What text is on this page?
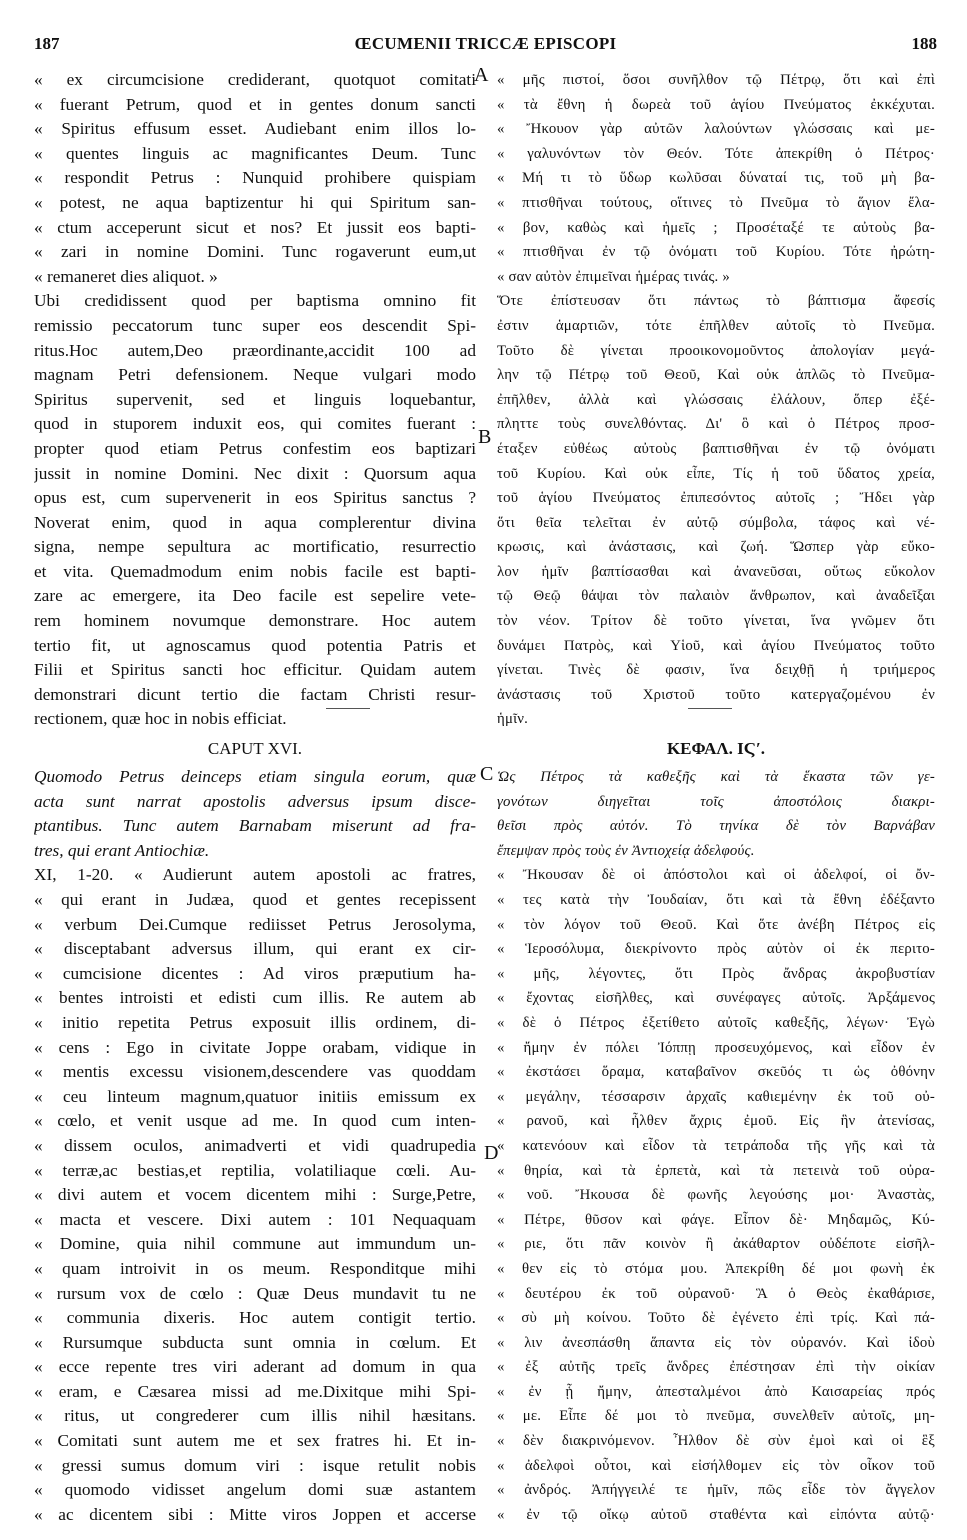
187	ŒCUMENII TRICCÆ EPISCOPI	188
« ex circumcisione crediderant, quotquot comitati
« fuerant Petrum, quod et in gentes donum sancti
« Spiritus effusum esset. Audiebant enim illos lo-
« quentes linguis ac magnificantes Deum. Tunc
« respondit Petrus : Nunquid prohibere quispiam
« potest, ne aqua baptizentur hi qui Spiritum san-
« ctum acceperunt sicut et nos? Et jussit eos bapti-
« zari in nomine Domini. Tunc rogaverunt eum,ut
« remaneret dies aliquot. »
Ubi credidissent quod per baptisma omnino fit
remissio peccatorum tunc super eos descendit Spi-
ritus.Hoc autem,Deo præordinante,accidit 100 ad
magnam Petri defensionem. Neque vulgari modo
Spiritus supervenit, sed et linguis loquebantur,
quod in stuporem induxit eos, qui comites fuerant :
propter quod etiam Petrus confestim eos baptizari
jussit in nomine Domini. Nec dixit : Quorsum aqua
opus est, cum supervenerit in eos Spiritus sanctus ?
Noverat enim, quod in aqua complerentur divina
signa, nempe sepultura ac mortificatio, resurrectio
et vita. Quemadmodum enim nobis facile est bapti-
zare ac emergere, ita Deo facile est sepelire vete-
rem hominem novumque demonstrare. Hoc autem
tertio fit, ut agnoscamus quod potentia Patris et
Filii et Spiritus sancti hoc efficitur. Quidam autem
demonstrari dicunt tertio die factam Christi resur-
rectionem, quæ hoc in nobis efficiat.
CAPUT XVI.
Quomodo Petrus deinceps etiam singula eorum, quæ
acta sunt narrat apostolis adversus ipsum disce-
ptantibus. Tunc autem Barnabam miserunt ad fra-
tres, qui erant Antiochiæ.
XI, 1-20. « Audierunt autem apostoli ac fratres,
« qui erant in Judæa, quod et gentes recepissent
« verbum Dei.Cumque rediisset Petrus Jerosolyma,
« disceptabant adversus illum, qui erant ex cir-
« cumcisione dicentes : Ad viros præputium ha-
« bentes introisti et edisti cum illis. Re autem ab
« initio repetita Petrus exposuit illis ordinem, di-
« cens : Ego in civitate Joppe orabam, vidique in
« mentis excessu visionem,descendere vas quoddam
« ceu linteum magnum,quatuor initiis emissum ex
« cœlo, et venit usque ad me. In quod cum inten-
« dissem oculos, animadverti et vidi quadrupedia
« terræ,ac bestias,et reptilia, volatiliaque cœli. Au-
« divi autem et vocem dicentem mihi : Surge,Petre,
« macta et vescere. Dixi autem : 101 Nequaquam
« Domine, quia nihil commune aut immundum un-
« quam introivit in os meum. Responditque mihi
« rursum vox de cœlo : Quæ Deus mundavit tu ne
« communia dixeris. Hoc autem contigit tertio.
« Rursumque subducta sunt omnia in cœlum. Et
« ecce repente tres viri aderant ad domum in qua
« eram, e Cæsarea missi ad me.Dixitque mihi Spi-
« ritus, ut congrederer cum illis nihil hæsitans.
« Comitati sunt autem me et sex fratres hi. Et in-
« gressi sumus domum viri : isque retulit nobis
« quomodo vidisset angelum domi suæ astantem
« ac dicentem sibi : Mitte viros Joppen et accerse
« μῆς πιστοί, ὅσοι συνῆλθον τῷ Πέτρῳ, ὅτι καὶ ἐπὶ
« τὰ ἔθνη ἡ δωρεὰ τοῦ ἁγίου Πνεύματος ἐκκέχυται.
« Ἤκουον γὰρ αὐτῶν λαλούντων γλώσσαις καὶ με-
« γαλυνόντων τὸν Θεόν. Τότε ἀπεκρίθη ὁ Πέτρος·
« Μή τι τὸ ὕδωρ κωλῦσαι δύναταί τις, τοῦ μὴ βα-
« πτισθῆναι τούτους, οἵτινες τὸ Πνεῦμα τὸ ἅγιον ἔλα-
« βον, καθὼς καὶ ἡμεῖς ; Προσέταξέ τε αὐτοὺς βα-
« πτισθῆναι ἐν τῷ ὀνόματι τοῦ Κυρίου. Τότε ἠρώτη-
« σαν αὐτὸν ἐπιμεῖναι ἡμέρας τινάς. »
Ὅτε ἐπίστευσαν ὅτι πάντως τὸ βάπτισμα ἄφεσίς
ἐστιν ἁμαρτιῶν, τότε ἐπῆλθεν αὐτοῖς τὸ Πνεῦμα.
Τοῦτο δὲ γίνεται προοικονομοῦντος ἀπολογίαν μεγά-
λην τῷ Πέτρῳ τοῦ Θεοῦ, Καὶ οὐκ ἁπλῶς τὸ Πνεῦμα-
ἐπῆλθεν, ἀλλὰ καὶ γλώσσαις ἐλάλουν, ὅπερ ἐξέ-
πληττε τοὺς συνελθόντας. Δι' ὃ καὶ ὁ Πέτρος προσ-
έταξεν εὐθέως αὐτοὺς βαπτισθῆναι ἐν τῷ ὀνόματι
τοῦ Κυρίου. Καὶ οὐκ εἶπε, Τίς ἡ τοῦ ὕδατος χρεία,
τοῦ ἁγίου Πνεύματος ἐπιπεσόντος αὐτοῖς ; Ἤδει γὰρ
ὅτι θεῖα τελεῖται ἐν αὐτῷ σύμβολα, τάφος καὶ νέ-
κρωσις, καὶ ἀνάστασις, καὶ ζωή. Ὥσπερ γὰρ εὔκο-
λον ἡμῖν βαπτίσασθαι καὶ ἀνανεῦσαι, οὕτως εὔκολον
τῷ Θεῷ θάψαι τὸν παλαιὸν ἄνθρωπον, καὶ ἀναδεῖξαι
τὸν νέον. Τρίτον δὲ τοῦτο γίνεται, ἵνα γνῶμεν ὅτι
δυνάμει Πατρὸς, καὶ Υἱοῦ, καὶ ἁγίου Πνεύματος τοῦτο
γίνεται. Τινὲς δὲ φασιν, ἵνα δειχθῇ ἡ τριήμερος
ἀνάστασις τοῦ Χριστοῦ τοῦτο κατεργαζομένου ἐν
ἡμῖν.
ΚΕΦΑΛ. ΙϚʹ.
Ὡς Πέτρος τὰ καθεξῆς καὶ τὰ ἕκαστα τῶν γε-
γονότων διηγεῖται τοῖς ἀποστόλοις διακρι-
θεῖσι πρὸς αὐτόν. Τὸ τηνίκα δὲ τὸν Βαρνάβαν
ἔπεμψαν πρὸς τοὺς ἐν Ἀντιοχείᾳ ἀδελφούς.
« Ἤκουσαν δὲ οἱ ἀπόστολοι καὶ οἱ ἀδελφοί, οἱ ὄν-
« τες κατὰ τὴν Ἰουδαίαν, ὅτι καὶ τὰ ἔθνη ἐδέξαντο
« τὸν λόγον τοῦ Θεοῦ. Καὶ ὅτε ἀνέβη Πέτρος εἰς
« Ἱεροσόλυμα, διεκρίνοντο πρὸς αὐτὸν οἱ ἐκ περιτο-
« μῆς, λέγοντες, ὅτι Πρὸς ἄνδρας ἀκροβυστίαν
« ἔχοντας εἰσῆλθες, καὶ συνέφαγες αὐτοῖς. Ἀρξάμενος
« δὲ ὁ Πέτρος ἐξετίθετο αὐτοῖς καθεξῆς, λέγων· Ἐγὼ
« ἤμην ἐν πόλει Ἰόππῃ προσευχόμενος, καὶ εἶδον ἐν
« ἐκστάσει ὅραμα, καταβαῖνον σκεῦός τι ὡς ὀθόνην
« μεγάλην, τέσσαρσιν ἀρχαῖς καθιεμένην ἐκ τοῦ οὐ-
« ρανοῦ, καὶ ἦλθεν ἄχρις ἐμοῦ. Εἰς ἣν ἀτενίσας,
« κατενόουν καὶ εἶδον τὰ τετράποδα τῆς γῆς καὶ τὰ
« θηρία, καὶ τὰ ἑρπετὰ, καὶ τὰ πετεινὰ τοῦ οὐρα-
« νοῦ. Ἤκουσα δὲ φωνῆς λεγούσης μοι· Ἀναστὰς,
« Πέτρε, θῦσον καὶ φάγε. Εἶπον δὲ· Μηδαμῶς, Κύ-
« ριε, ὅτι πᾶν κοινὸν ἢ ἀκάθαρτον οὐδέποτε εἰσῆλ-
« θεν εἰς τὸ στόμα μου. Ἀπεκρίθη δέ μοι φωνὴ ἐκ
« δευτέρου ἐκ τοῦ οὐρανοῦ· Ἃ ὁ Θεὸς ἐκαθάρισε,
« σὺ μὴ κοίνου. Τοῦτο δὲ ἐγένετο ἐπὶ τρίς. Καὶ πά-
« λιν ἀνεσπάσθη ἅπαντα εἰς τὸν οὐρανόν. Καὶ ἰδοὺ
« ἐξ αὐτῆς τρεῖς ἄνδρες ἐπέστησαν ἐπὶ τὴν οἰκίαν
« ἐν ᾗ ἤμην, ἀπεσταλμένοι ἀπὸ Καισαρείας πρός
« με. Εἶπε δέ μοι τὸ πνεῦμα, συνελθεῖν αὐτοῖς, μη-
« δὲν διακρινόμενον. Ἦλθον δὲ σὺν ἐμοὶ καὶ οἱ ἓξ
« ἀδελφοὶ οὗτοι, καὶ εἰσήλθομεν εἰς τὸν οἶκον τοῦ
« ἀνδρός. Ἀπήγγειλέ τε ἡμῖν, πῶς εἶδε τὸν ἄγγελον
« ἐν τῷ οἴκῳ αὐτοῦ σταθέντα καὶ εἰπόντα αὐτῷ·
A
B
C
D
